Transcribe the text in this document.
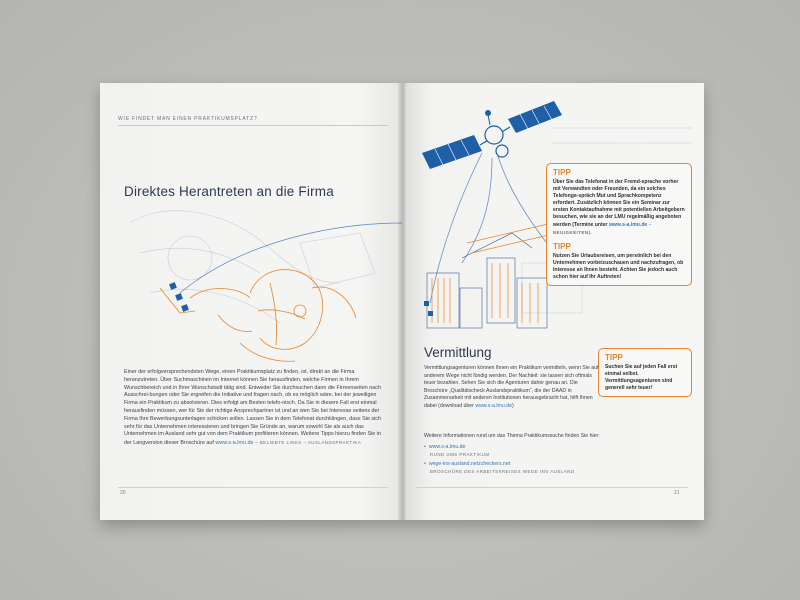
WIE FINDET MAN EINEN PRAKTIKUMSPLATZ?
Direktes Herantreten an die Firma
Einer der erfolgversprechendsten Wege, einen Praktikumsplatz zu finden, ist, direkt an die Firma heranzutreten. Über Suchmaschinen im Internet können Sie herausfinden, welche Firmen in Ihrem Wunschbereich und in Ihrer Wunschstadt tätig sind. Entweder Sie durchsuchen dann die Firmenseiten nach Ausschrei-bungen oder Sie ergreifen die Initiative und fragen nach, ob es möglich wäre, bei der jeweiligen Firma ein Praktikum zu absolvieren. Dies erfolgt am Besten telefo-nisch. Da Sie in diesem Fall erst einmal herausfinden müssen, wer für Sie der richtige Ansprechpartner ist und an wen Sie bei Interesse seitens der Firma Ihre Bewerbungsunterlagen schicken sollen. Lassen Sie in dem Telefonat durchklingen, dass Sie sich sehr für das Unternehmen interessieren und bringen Sie Gründe an, warum sowohl Sie als auch das Unternehmen im Ausland sehr gut von dem Praktikum profitieren können. Weitere Tipps hierzu finden Sie in der Langversion dieser Broschüre auf www.s-a.lmu.de – BELIEBTE LINKS – AUSLANDSPRAKTIKA
20
TIPP
Über Sie das Telefonat in der Fremd-sprache vorher mit Verwandten oder Freunden, da ein solches Telefonge-spräch Mut und Sprachkompetenz erfordert. Zusätzlich können Sie ein Seminar zur ersten Kontaktaufnahme mit potentiellen Arbeitgebern besuchen, wie sie an der LMU regelmäßig angeboten werden (Termine unter www.s-a.lmu.de – NEUIGKEITEN).
TIPP
Nutzen Sie Urlaubsreisen, um persönlich bei den Unternehmen vorbeizuschauen und nachzufragen, ob Interesse an Ihnen besteht. Achten Sie jedoch auch schon hier auf Ihr Auftreten!
TIPP
Suchen Sie auf jeden Fall erst einmal selbst. Vermittlungsagenturen sind generell sehr teuer!
Vermittlung
Vermittlungsagenturen können Ihnen ein Praktikum vermitteln, wenn Sie auf anderem Wege nicht fündig werden. Der Nachteil: sie lassen sich oftmals teuer bezahlen. Sehen Sie sich die Agenturen daher genau an. Die Broschüre „Qualitätscheck Auslandspraktikum“, die der DAAD in Zusammenarbeit mit anderen Institutionen herausgebracht hat, hilft Ihnen dabei (download über www.s-a.lmu.de)
Weitere Informationen rund um das Thema Praktikumssuche finden Sie hier:
• www.s-a.lmu.de
RUND UMS PRAKTIKUM
• wege-ins-ausland.netzcheckers.net
BROSCHÜRE DES ARBEITSKREISES WEGE INS AUSLAND
21
